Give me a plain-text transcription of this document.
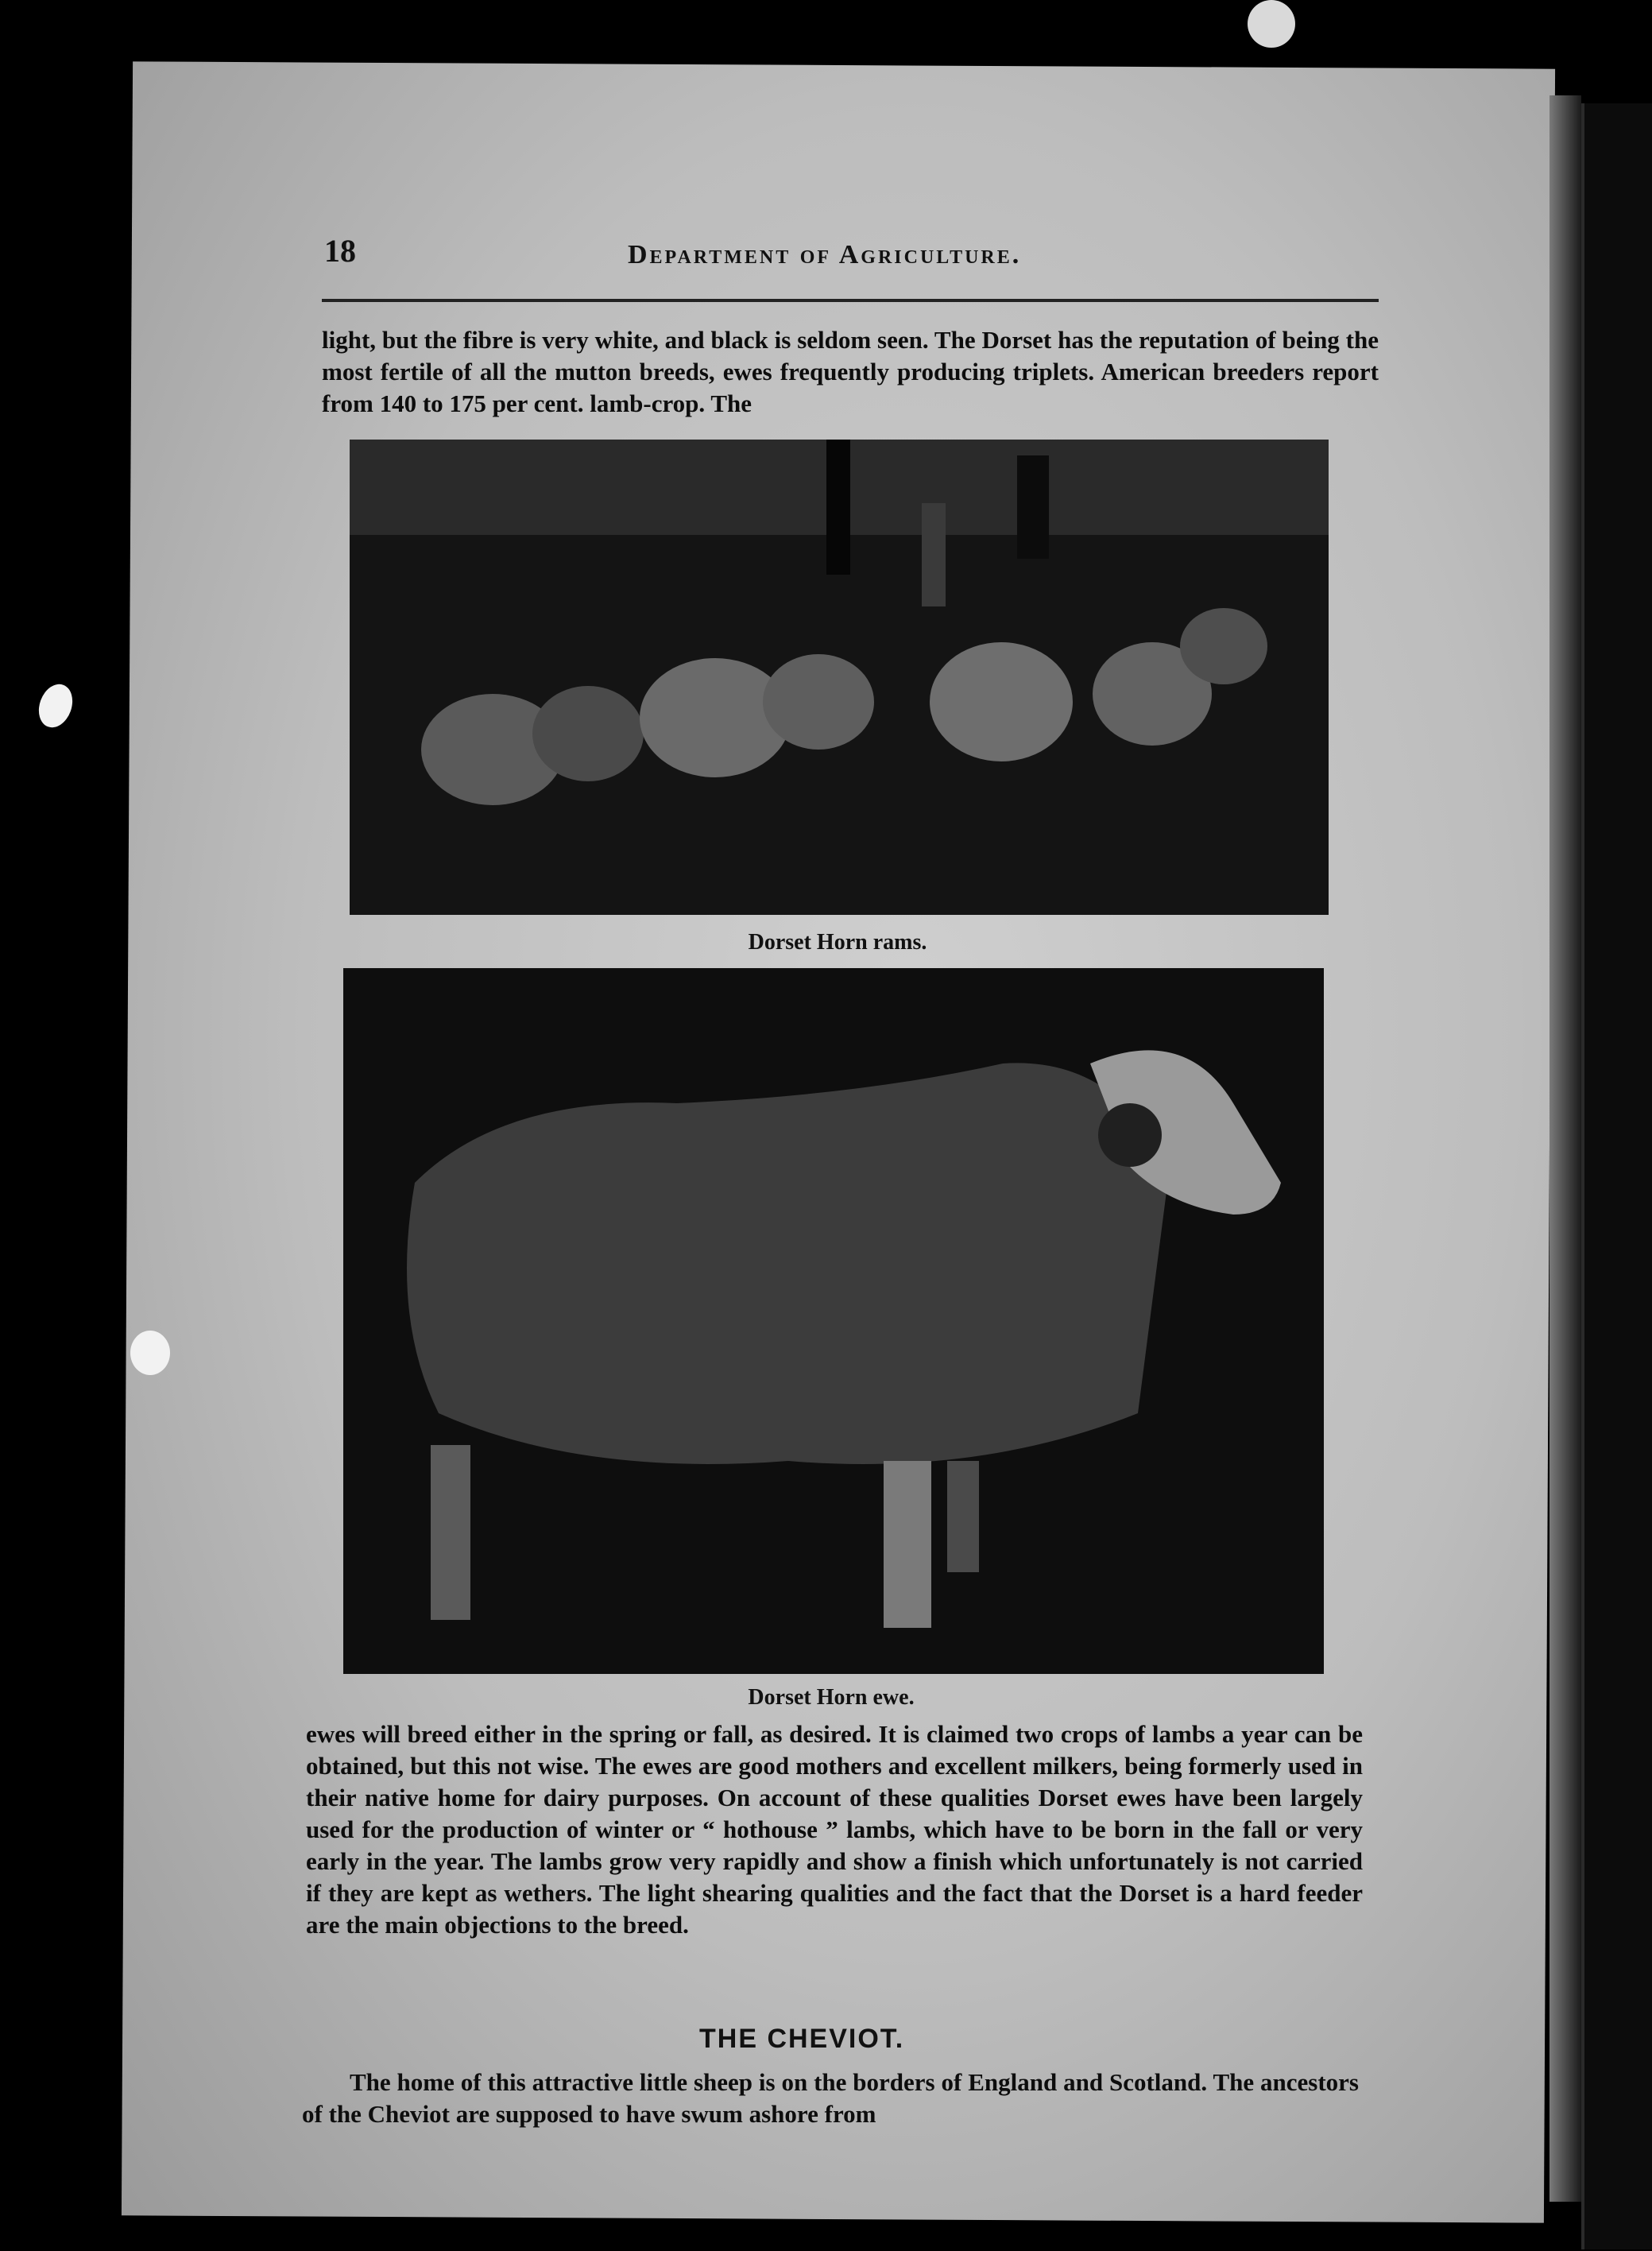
18	Department of Agriculture.
light, but the fibre is very white, and black is seldom seen. The Dorset has the reputation of being the most fertile of all the mutton breeds, ewes frequently producing triplets. American breeders report from 140 to 175 per cent. lamb-crop. The
Dorset Horn rams.
Dorset Horn ewe.
ewes will breed either in the spring or fall, as desired. It is claimed two crops of lambs a year can be obtained, but this not wise. The ewes are good mothers and excellent milkers, being formerly used in their native home for dairy purposes. On account of these qualities Dorset ewes have been largely used for the production of winter or “ hothouse ” lambs, which have to be born in the fall or very early in the year. The lambs grow very rapidly and show a finish which unfortunately is not carried if they are kept as wethers. The light shearing qualities and the fact that the Dorset is a hard feeder are the main objections to the breed.
THE CHEVIOT.
The home of this attractive little sheep is on the borders of England and Scotland. The ancestors of the Cheviot are supposed to have swum ashore from
